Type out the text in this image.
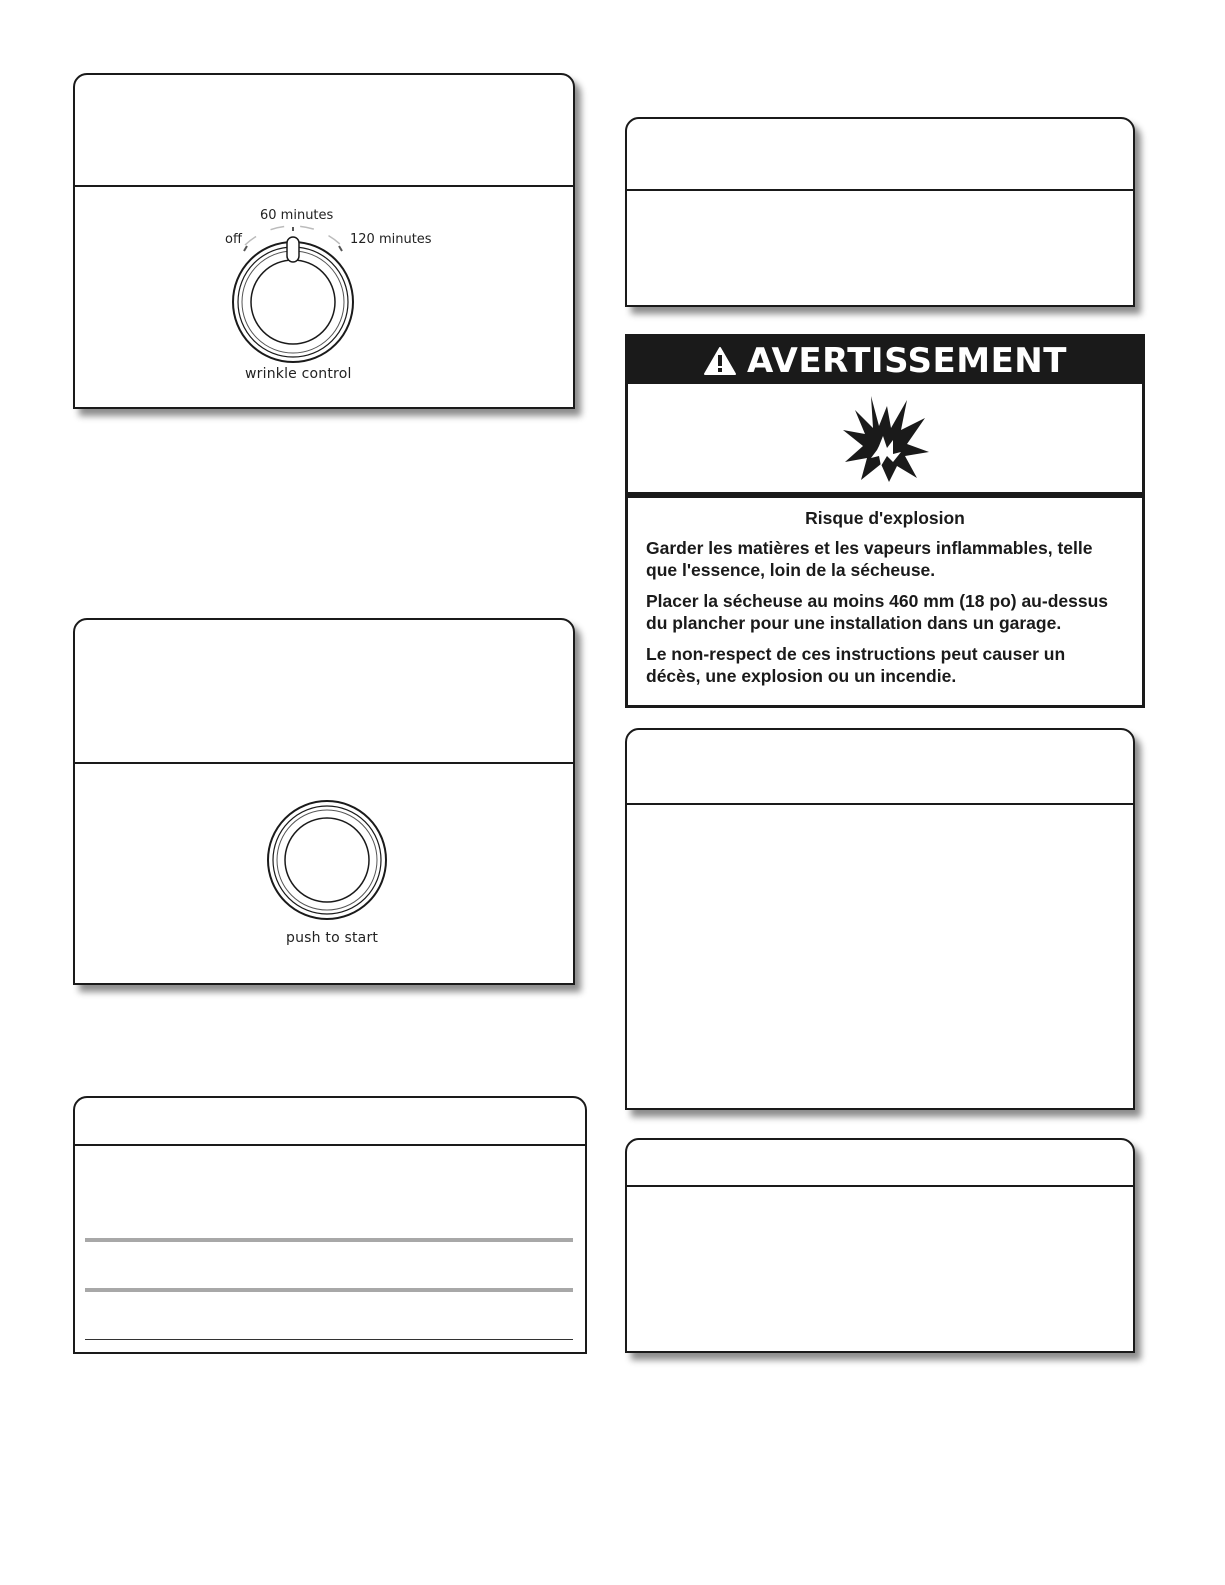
60 minutes
off	120 minutes
wrinkle control
push to start
AVERTISSEMENT
Risque d'explosion

Garder les matières et les vapeurs inflammables, telle que l'essence, loin de la sécheuse.

Placer la sécheuse au moins 460 mm (18 po) au-dessus du plancher pour une installation dans un garage.

Le non-respect de ces instructions peut causer un décès, une explosion ou un incendie.
